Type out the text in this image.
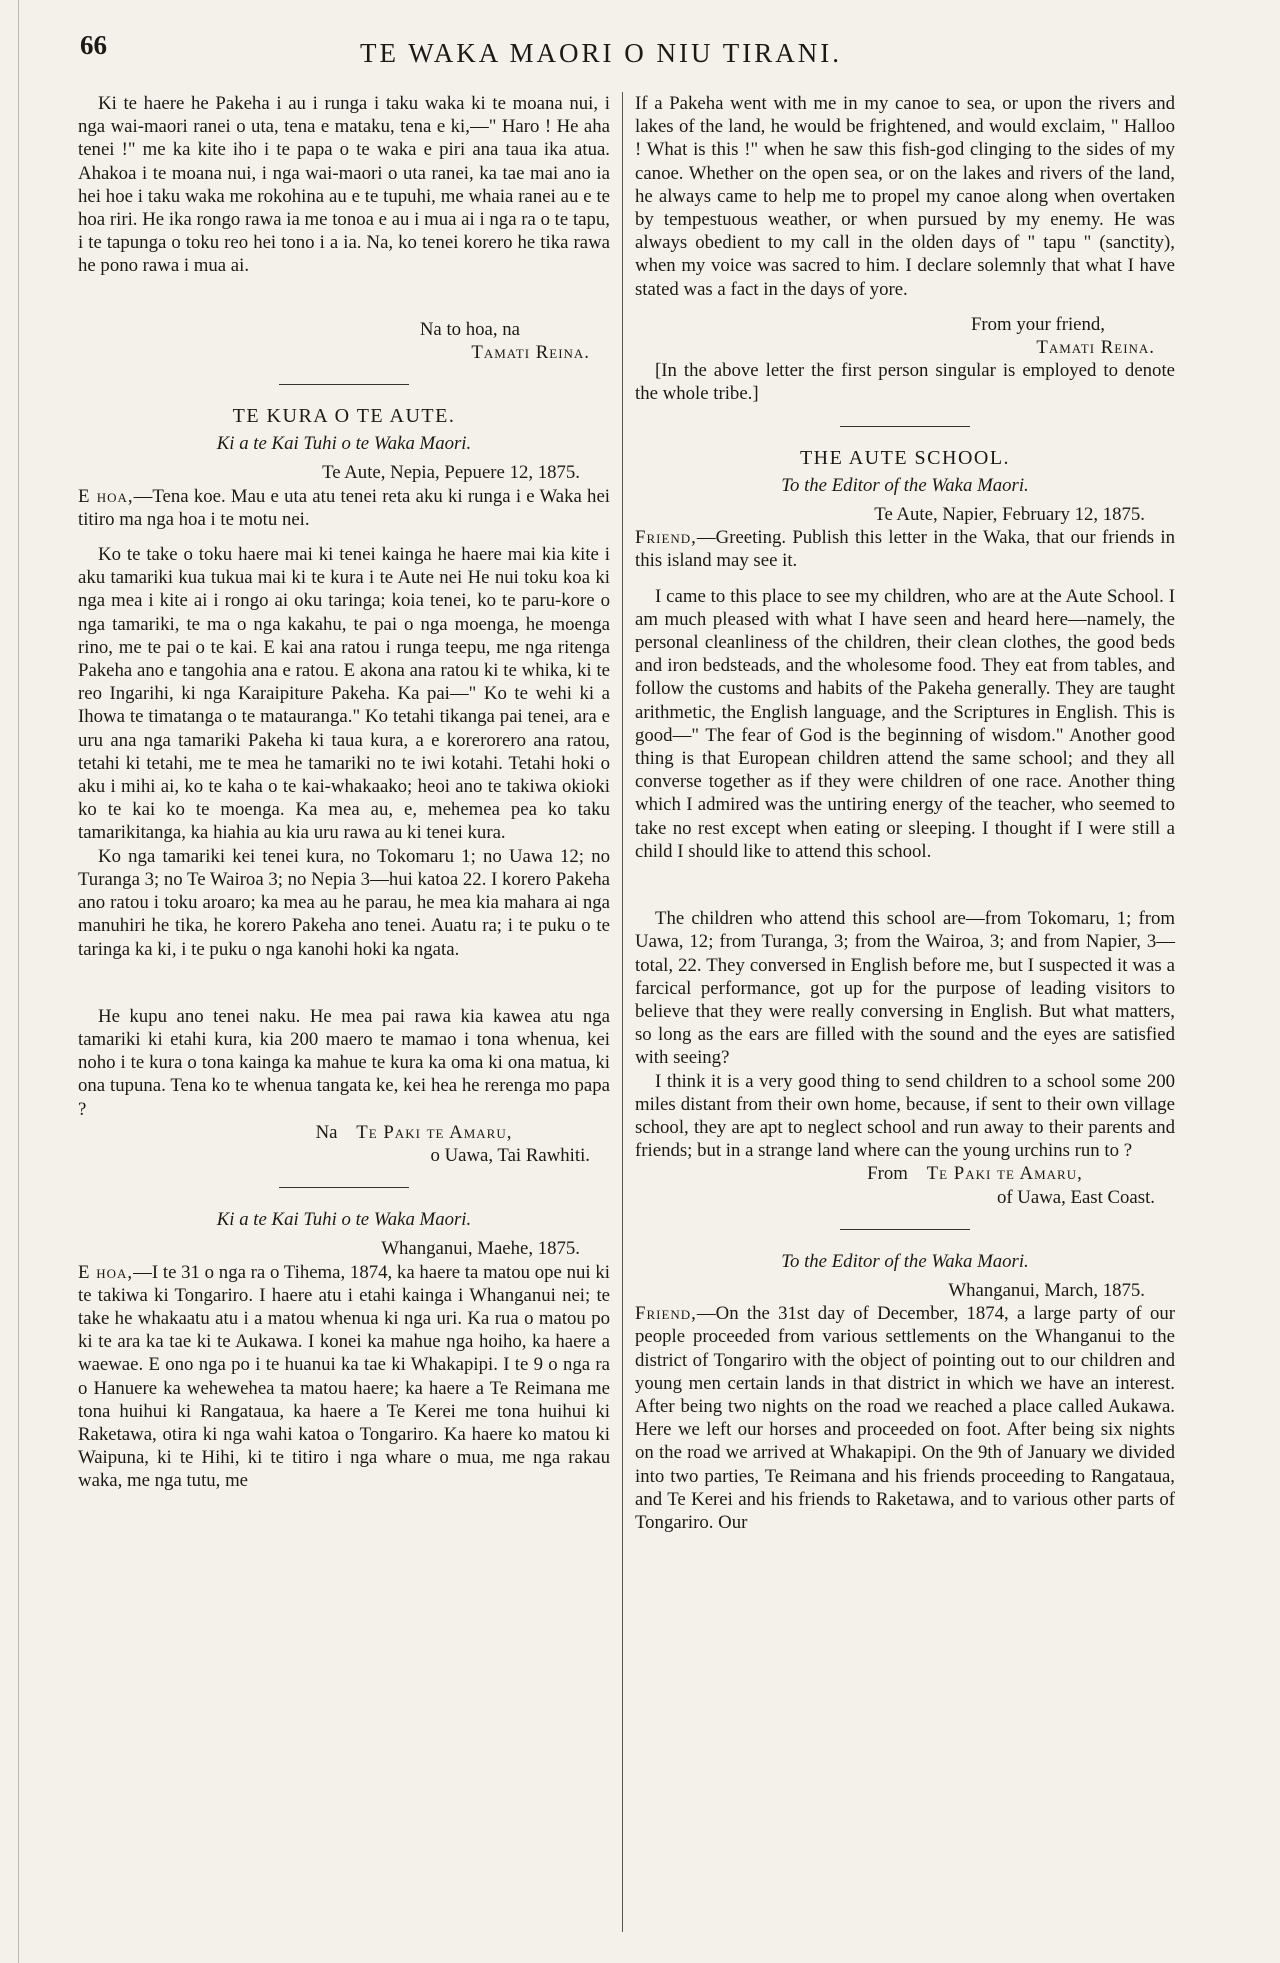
66	TE WAKA MAORI O NIU TIRANI.

Ki te haere he Pakeha i au i runga i taku waka ki te moana nui, i nga wai-maori ranei o uta, tena e mataku, tena e ki,—" Haro ! He aha tenei !" me ka kite iho i te papa o te waka e piri ana taua ika atua. Ahakoa i te moana nui, i nga wai-maori o uta ranei, ka tae mai ano ia hei hoe i taku waka me rokohina au e te tupuhi, me whaia ranei au e te hoa riri. He ika rongo rawa ia me tonoa e au i mua ai i nga ra o te tapu, i te tapunga o toku reo hei tono i a ia. Na, ko tenei korero he tika rawa he pono rawa i mua ai.

Na to hoa, na

Tamati Reina.

TE KURA O TE AUTE.

Ki a te Kai Tuhi o te Waka Maori.

Te Aute, Nepia, Pepuere 12, 1875.

E hoa,—Tena koe. Mau e uta atu tenei reta aku ki runga i e Waka hei titiro ma nga hoa i te motu nei.

Ko te take o toku haere mai ki tenei kainga he haere mai kia kite i aku tamariki kua tukua mai ki te kura i te Aute nei He nui toku koa ki nga mea i kite ai i rongo ai oku taringa; koia tenei, ko te paru-kore o nga tamariki, te ma o nga kakahu, te pai o nga moenga, he moenga rino, me te pai o te kai. E kai ana ratou i runga teepu, me nga ritenga Pakeha ano e tangohia ana e ratou. E akona ana ratou ki te whika, ki te reo Ingarihi, ki nga Karaipiture Pakeha. Ka pai—" Ko te wehi ki a Ihowa te timatanga o te matauranga." Ko tetahi tikanga pai tenei, ara e uru ana nga tamariki Pakeha ki taua kura, a e korerorero ana ratou, tetahi ki tetahi, me te mea he tamariki no te iwi kotahi. Tetahi hoki o aku i mihi ai, ko te kaha o te kai-whakaako; heoi ano te takiwa okioki ko te kai ko te moenga. Ka mea au, e, mehemea pea ko taku tamarikitanga, ka hiahia au kia uru rawa au ki tenei kura.

Ko nga tamariki kei tenei kura, no Tokomaru 1; no Uawa 12; no Turanga 3; no Te Wairoa 3; no Nepia 3—hui katoa 22. I korero Pakeha ano ratou i toku aroaro; ka mea au he parau, he mea kia mahara ai nga manuhiri he tika, he korero Pakeha ano tenei. Auatu ra; i te puku o te taringa ka ki, i te puku o nga kanohi hoki ka ngata.

He kupu ano tenei naku. He mea pai rawa kia kawea atu nga tamariki ki etahi kura, kia 200 maero te mamao i tona whenua, kei noho i te kura o tona kainga ka mahue te kura ka oma ki ona matua, ki ona tupuna. Tena ko te whenua tangata ke, kei hea he rerenga mo papa ?

Na Te Paki te Amaru,

o Uawa, Tai Rawhiti.

Ki a te Kai Tuhi o te Waka Maori.

Whanganui, Maehe, 1875.

E hoa,—I te 31 o nga ra o Tihema, 1874, ka haere ta matou ope nui ki te takiwa ki Tongariro. I haere atu i etahi kainga i Whanganui nei; te take he whakaatu atu i a matou whenua ki nga uri. Ka rua o matou po ki te ara ka tae ki te Aukawa. I konei ka mahue nga hoiho, ka haere a waewae. E ono nga po i te huanui ka tae ki Whakapipi. I te 9 o nga ra o Hanuere ka wehewehea ta matou haere; ka haere a Te Reimana me tona huihui ki Rangataua, ka haere a Te Kerei me tona huihui ki Raketawa, otira ki nga wahi katoa o Tongariro. Ka haere ko matou ki Waipuna, ki te Hihi, ki te titiro i nga whare o mua, me nga rakau waka, me nga tutu, me

If a Pakeha went with me in my canoe to sea, or upon the rivers and lakes of the land, he would be frightened, and would exclaim, " Halloo ! What is this !" when he saw this fish-god clinging to the sides of my canoe. Whether on the open sea, or on the lakes and rivers of the land, he always came to help me to propel my canoe along when overtaken by tempestuous weather, or when pursued by my enemy. He was always obedient to my call in the olden days of " tapu " (sanctity), when my voice was sacred to him. I declare solemnly that what I have stated was a fact in the days of yore.

From your friend,

Tamati Reina.

[In the above letter the first person singular is employed to denote the whole tribe.]

THE AUTE SCHOOL.

To the Editor of the Waka Maori.

Te Aute, Napier, February 12, 1875.

Friend,—Greeting. Publish this letter in the Waka, that our friends in this island may see it.

I came to this place to see my children, who are at the Aute School. I am much pleased with what I have seen and heard here—namely, the personal cleanliness of the children, their clean clothes, the good beds and iron bedsteads, and the wholesome food. They eat from tables, and follow the customs and habits of the Pakeha generally. They are taught arithmetic, the English language, and the Scriptures in English. This is good—" The fear of God is the beginning of wisdom." Another good thing is that European children attend the same school; and they all converse together as if they were children of one race. Another thing which I admired was the untiring energy of the teacher, who seemed to take no rest except when eating or sleeping. I thought if I were still a child I should like to attend this school.

The children who attend this school are—from Tokomaru, 1; from Uawa, 12; from Turanga, 3; from the Wairoa, 3; and from Napier, 3—total, 22. They conversed in English before me, but I suspected it was a farcical performance, got up for the purpose of leading visitors to believe that they were really conversing in English. But what matters, so long as the ears are filled with the sound and the eyes are satisfied with seeing?

I think it is a very good thing to send children to a school some 200 miles distant from their own home, because, if sent to their own village school, they are apt to neglect school and run away to their parents and friends; but in a strange land where can the young urchins run to ?

From Te Paki te Amaru,

of Uawa, East Coast.

To the Editor of the Waka Maori.

Whanganui, March, 1875.

Friend,—On the 31st day of December, 1874, a large party of our people proceeded from various settlements on the Whanganui to the district of Tongariro with the object of pointing out to our children and young men certain lands in that district in which we have an interest. After being two nights on the road we reached a place called Aukawa. Here we left our horses and proceeded on foot. After being six nights on the road we arrived at Whakapipi. On the 9th of January we divided into two parties, Te Reimana and his friends proceeding to Rangataua, and Te Kerei and his friends to Raketawa, and to various other parts of Tongariro. Our
